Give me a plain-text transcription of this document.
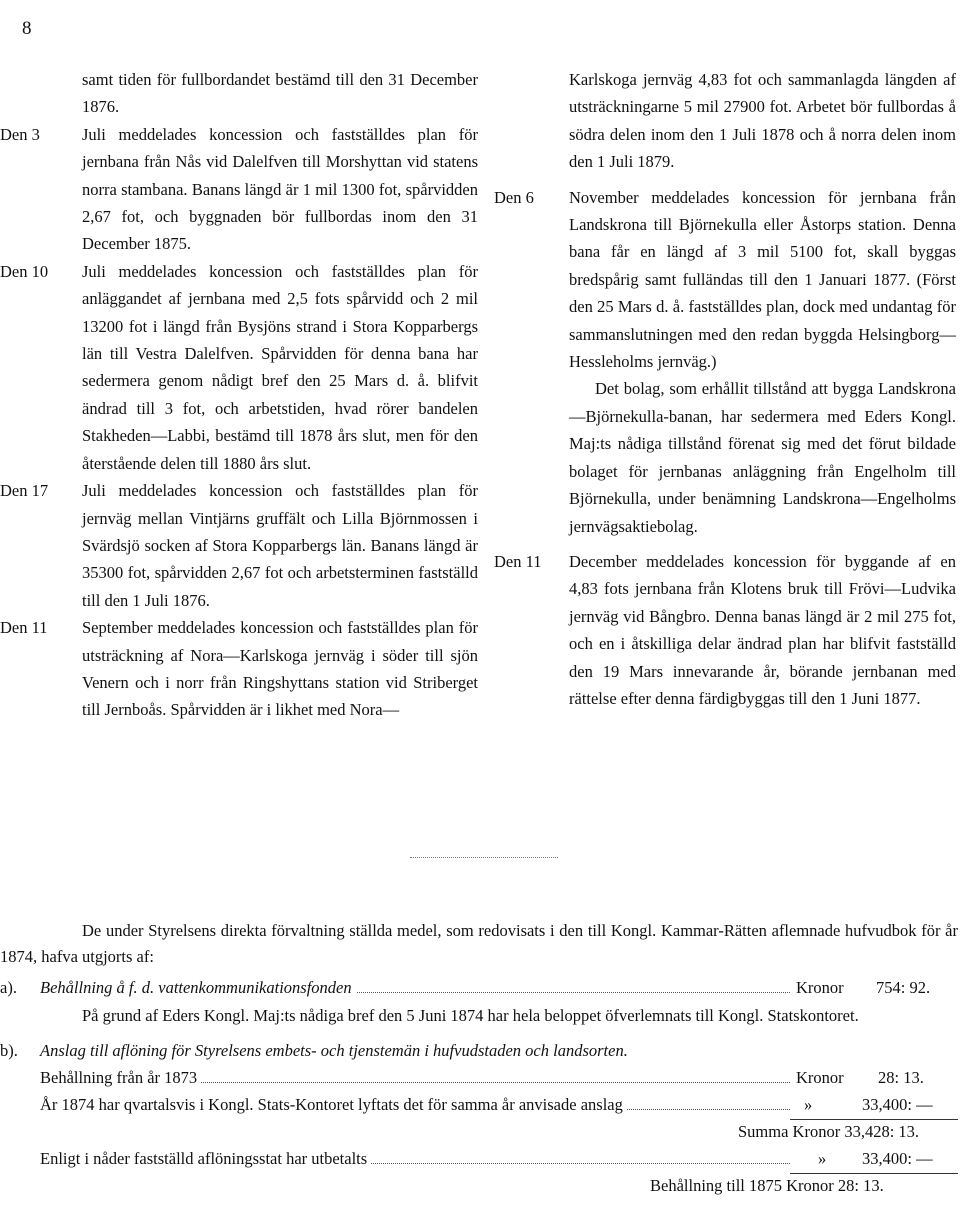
8
samt tiden för fullbordandet bestämd till den 31 December 1876.
Den 3	Juli meddelades koncession och fastställdes plan för jernbana från Nås vid Dalelfven till Morshyttan vid statens norra stambana. Banans längd är 1 mil 1300 fot, spårvidden 2,67 fot, och byggnaden bör fullbordas inom den 31 December 1875.
Den 10 Juli meddelades koncession och fastställdes plan för anläggandet af jernbana med 2,5 fots spårvidd och 2 mil 13200 fot i längd från Bysjöns strand i Stora Kopparbergs län till Vestra Dalelfven. Spårvidden för denna bana har sedermera genom nådigt bref den 25 Mars d. å. blifvit ändrad till 3 fot, och arbetstiden, hvad rörer bandelen Stakheden—Labbi, bestämd till 1878 års slut, men för den återstående delen till 1880 års slut.
Den 17 Juli meddelades koncession och fastställdes plan för jernväg mellan Vintjärns gruffält och Lilla Björnmossen i Svärdsjö socken af Stora Kopparbergs län. Banans längd är 35300 fot, spårvidden 2,67 fot och arbetsterminen fastställd till den 1 Juli 1876.
Den 11 September meddelades koncession och fastställdes plan för utsträckning af Nora—Karlskoga jernväg i söder till sjön Venern och i norr från Ringshyttans station vid Striberget till Jernboås. Spårvidden är i likhet med Nora—
Karlskoga jernväg 4,83 fot och sammanlagda längden af utsträckningarne 5 mil 27900 fot. Arbetet bör fullbordas å södra delen inom den 1 Juli 1878 och å norra delen inom den 1 Juli 1879.
Den 6 November meddelades koncession för jernbana från Landskrona till Björnekulla eller Åstorps station. Denna bana får en längd af 3 mil 5100 fot, skall byggas bredspårig samt fulländas till den 1 Januari 1877. (Först den 25 Mars d. å. fastställdes plan, dock med undantag för sammanslutningen med den redan byggda Helsingborg—Hessleholms jernväg.)

Det bolag, som erhållit tillstånd att bygga Landskrona—Björnekulla-banan, har sedermera med Eders Kongl. Maj:ts nådiga tillstånd förenat sig med det förut bildade bolaget för jernbanas anläggning från Engelholm till Björnekulla, under benämning Landskrona—Engelholms jernvägsaktiebolag.

Den 11 December meddelades koncession för byggande af en 4,83 fots jernbana från Klotens bruk till Frövi—Ludvika jernväg vid Bångbro. Denna banas längd är 2 mil 275 fot, och en i åtskilliga delar ändrad plan har blifvit fastställd den 19 Mars innevarande år, börande jernbanan med rättelse efter denna färdigbyggas till den 1 Juni 1877.
De under Styrelsens direkta förvaltning ställda medel, som redovisats i den till Kongl. Kammar-Rätten aflemnade hufvudbok för år 1874, hafva utgjorts af:
a). Behållning å f. d. vattenkommunikationsfonden	Kronor 754: 92.
På grund af Eders Kongl. Maj:ts nådiga bref den 5 Juni 1874 har hela beloppet öfverlemnats till Kongl. Statskontoret.
b). Anslag till aflöning för Styrelsens embets- och tjenstemän i hufvudstaden och landsorten.
Behållning från år 1873	Kronor 28: 13.
År 1874 har qvartalsvis i Kongl. Stats-Kontoret lyftats det för samma år anvisade anslag	»	33,400: —
Summa Kronor 33,428: 13.
Enligt i nåder fastställd aflöningsstat har utbetalts	» 33,400: —
Behållning till 1875 Kronor 28: 13.
